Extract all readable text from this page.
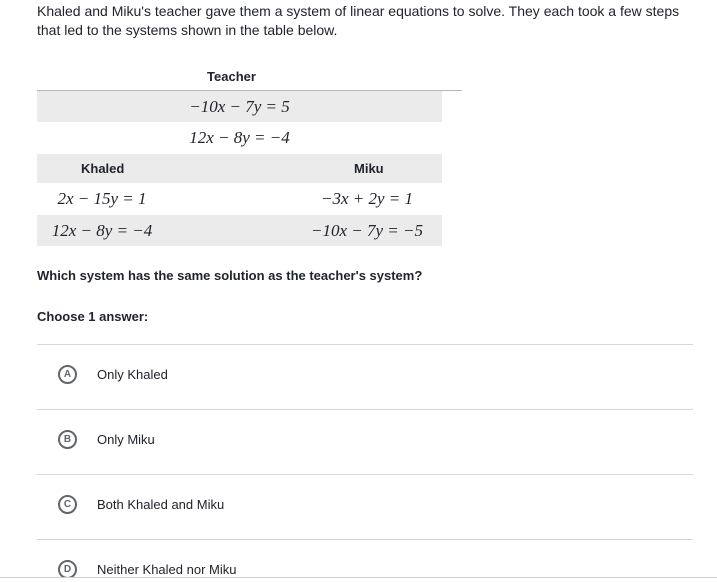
Khaled and Miku's teacher gave them a system of linear equations to solve. They each took a few steps that led to the systems shown in the table below.
Teacher
−10x − 7y = 5
12x − 8y = −4
Khaled	Miku
2x − 15y = 1	−3x + 2y = 1
12x − 8y = −4	−10x − 7y = −5
Which system has the same solution as the teacher's system?
Choose 1 answer:
A	Only Khaled
B	Only Miku
C	Both Khaled and Miku
D	Neither Khaled nor Miku
